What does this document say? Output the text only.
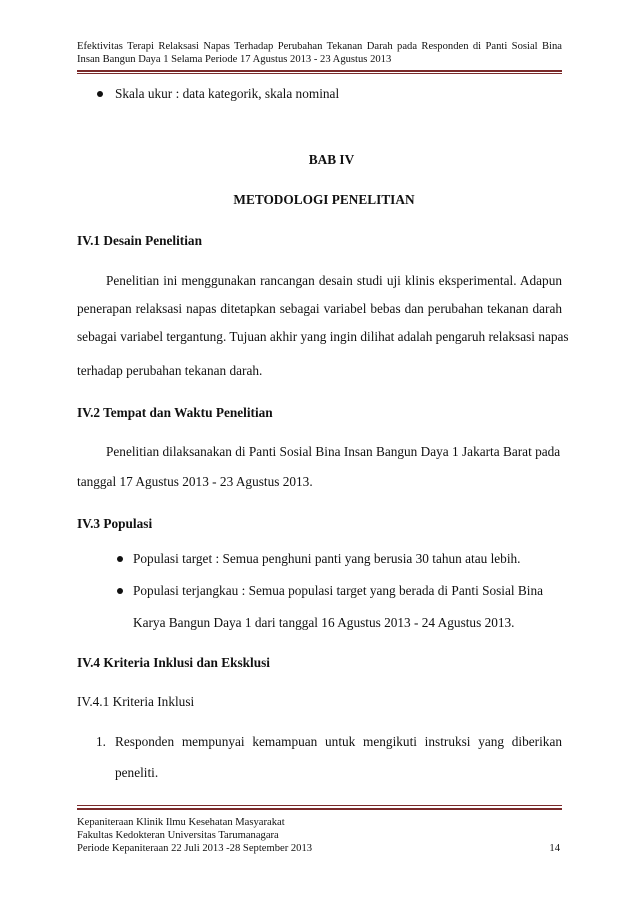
Efektivitas Terapi Relaksasi Napas Terhadap Perubahan Tekanan Darah pada Responden di Panti Sosial Bina
Insan Bangun Daya 1 Selama Periode 17 Agustus 2013 - 23 Agustus 2013
Skala ukur : data kategorik, skala nominal
BAB IV
METODOLOGI PENELITIAN
IV.1 Desain Penelitian
Penelitian ini menggunakan rancangan desain studi uji klinis eksperimental. Adapun
penerapan relaksasi napas ditetapkan sebagai variabel bebas dan perubahan tekanan darah
sebagai variabel tergantung. Tujuan akhir yang ingin dilihat adalah pengaruh relaksasi napas
terhadap perubahan tekanan darah.
IV.2 Tempat dan Waktu Penelitian
Penelitian dilaksanakan di Panti Sosial Bina Insan Bangun Daya 1 Jakarta Barat pada
tanggal 17 Agustus 2013 - 23 Agustus 2013.
IV.3 Populasi
Populasi target : Semua penghuni panti yang berusia 30 tahun atau lebih.
Populasi terjangkau : Semua populasi target yang berada di Panti Sosial Bina
Karya Bangun Daya 1 dari tanggal 16 Agustus 2013 - 24 Agustus 2013.
IV.4 Kriteria Inklusi dan Eksklusi
IV.4.1 Kriteria Inklusi
1. Responden mempunyai kemampuan untuk mengikuti instruksi yang diberikan
peneliti.
Kepaniteraan Klinik Ilmu Kesehatan Masyarakat
Fakultas Kedokteran Universitas Tarumanagara
Periode Kepaniteraan 22 Juli 2013 -28 September 2013	14
